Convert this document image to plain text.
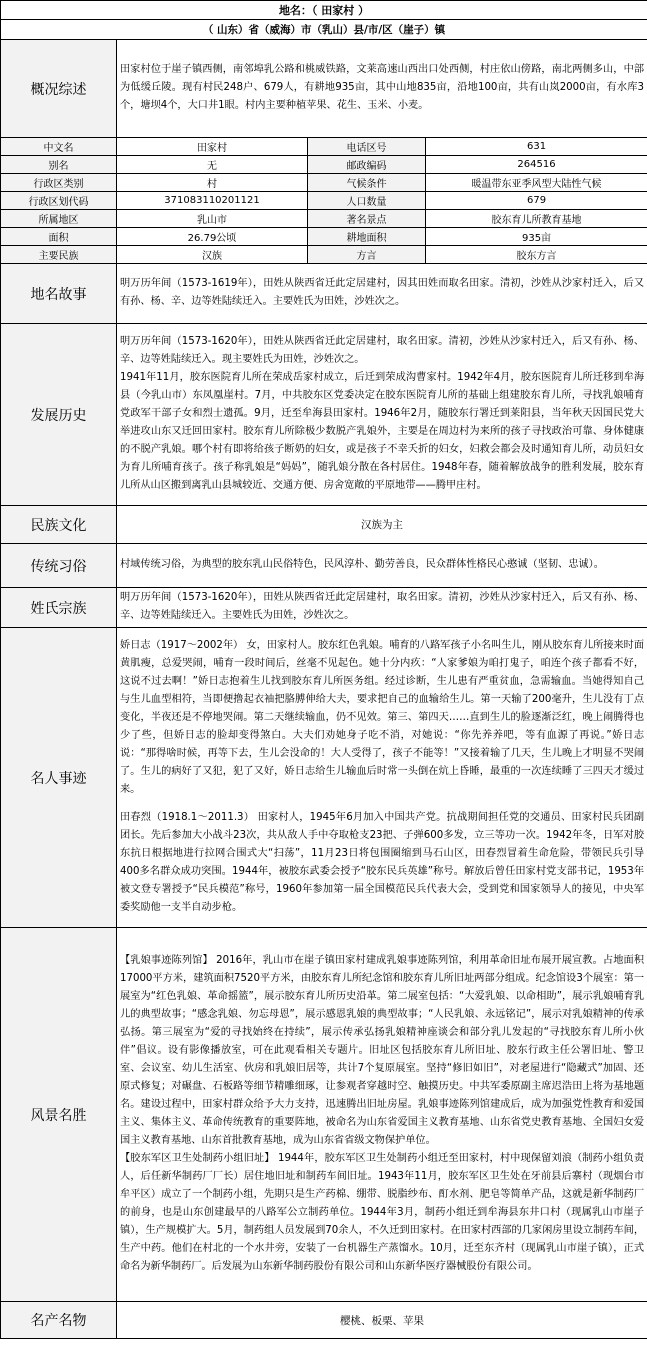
地名：（ 田家村 ）			
（ 山东）省（威海）市（乳山）县/市/区（崖子）镇			
概况综述	田家村位于崖子镇西侧，南邻埠乳公路和桃威铁路，文莱高速山西出口处西侧，村庄依山傍路，南北两侧多山，中部为低缓丘陵。现有村民248户、679人，有耕地935亩，其中山地835亩，沿地100亩，共有山岚2000亩，有水库3个，塘坝4个，大口井1眼。村内主要种植苹果、花生、玉米、小麦。		
中文名	田家村	电话区号	631
别名	无	邮政编码	264516
行政区类别	村	气候条件	暖温带东亚季风型大陆性气候
行政区划代码	371083110201121	人口数量	679
所属地区	乳山市	著名景点	胶东育儿所教育基地
面积	26.79公顷	耕地面积	935亩
主要民族	汉族	方言	胶东方言
地名故事	明万历年间（1573-1619年），田姓从陕西省迁此定居建村，因其田姓而取名田家。清初，沙姓从沙家村迁入，后又有孙、杨、辛、边等姓陆续迁入。主要姓氏为田姓，沙姓次之。		
发展历史	明万历年间（1573-1620年），田姓从陕西省迁此定居建村，取名田家。清初，沙姓从沙家村迁入，后又有孙、杨、辛、边等姓陆续迁入。现主要姓氏为田姓，沙姓次之。

1941年11月，胶东医院育儿所在荣成岳家村成立，后迁到荣成沟曹家村。1942年4月，胶东医院育儿所迁移到牟海县（今乳山市）东凤凰崖村。7月，中共胶东区党委决定在胶东医院育儿所的基础上组建胶东育儿所，寻找乳娘哺育党政军干部子女和烈士遗孤。9月，迁至牟海县田家村。1946年2月，随胶东行署迁到莱阳县，当年秋天因国民党大举进攻山东又迁回田家村。胶东育儿所除极少数脱产乳娘外，主要是在周边村为来所的孩子寻找政治可靠、身体健康的不脱产乳娘。哪个村有即将给孩子断奶的妇女，或是孩子不幸夭折的妇女，妇救会都会及时通知育儿所，动员妇女为育儿所哺育孩子。孩子称乳娘是“妈妈”，随乳娘分散在各村居住。1948年春，随着解放战争的胜利发展，胶东育儿所从山区搬到离乳山县城较近、交通方便、房舍宽敞的平原地带——腾甲庄村。		

民族文化	汉族为主		
传统习俗	村域传统习俗，为典型的胶东乳山民俗特色，民风淳朴、勤劳善良，民众群体性格民心憨诚（坚韧、忠诚）。		
姓氏宗族	明万历年间（1573-1620年），田姓从陕西省迁此定居建村，取名田家。清初，沙姓从沙家村迁入，后又有孙、杨、辛、边等姓陆续迁入。主要姓氏为田姓，沙姓次之。		
名人事迹	娇日志（1917～2002年） 女，田家村人。胶东红色乳娘。哺育的八路军孩子小名叫生儿，刚从胶东育儿所接来时面黄肌瘦，总爱哭闹，哺育一段时间后，丝毫不见起色。她十分内疚：“人家爹娘为咱打鬼子，咱连个孩子都看不好，这说不过去啊！”娇日志抱着生儿找到胶东育儿所医务组。经过诊断，生儿患有严重贫血，急需输血。当她得知自己与生儿血型相符，当即便撸起衣袖把胳膊伸给大夫，要求把自己的血输给生儿。第一天输了200毫升，生儿没有丁点变化，半夜还是不停地哭闹。第二天继续输血，仍不见效。第三、第四天……直到生儿的脸逐渐泛红，晚上闹腾得也少了些，但娇日志的脸却变得煞白。大夫们劝她身子吃不消，对她说：“你先养养吧，等有血源了再说。”娇日志说：“那得啥时候，再等下去，生儿会没命的！大人受得了，孩子不能等！”又接着输了几天，生儿晚上才明显不哭闹了。生儿的病好了又犯，犯了又好，娇日志给生儿输血后时常一头倒在炕上昏睡，最重的一次连续睡了三四天才缓过来。

田春烈（1918.1～2011.3） 田家村人，1945年6月加入中国共产党。抗战期间担任党的交通员、田家村民兵团副团长。先后参加大小战斗23次，共从敌人手中夺取枪支23把、子弹600多发，立三等功一次。1942年冬，日军对胶东抗日根据地进行拉网合围式大“扫荡”，11月23日将包围圈缩到马石山区，田春烈冒着生命危险，带领民兵引导400多名群众成功突围。1944年，被胶东武委会授予“胶东民兵英雄”称号。解放后曾任田家村党支部书记，1953年被文登专署授予“民兵模范”称号，1960年参加第一届全国模范民兵代表大会，受到党和国家领导人的接见，中央军委奖励他一支半自动步枪。		

风景名胜	【乳娘事迹陈列馆】 2016年，乳山市在崖子镇田家村建成乳娘事迹陈列馆，利用革命旧址布展开展宣教。占地面积17000平方米，建筑面积7520平方米，由胶东育儿所纪念馆和胶东育儿所旧址两部分组成。纪念馆设3个展室：第一展室为“红色乳娘、革命摇篮”，展示胶东育儿所历史沿革。第二展室包括：“大爱乳娘、以命相助”，展示乳娘哺育乳儿的典型故事；“感念乳娘、勿忘母恩”，展示感恩乳娘的典型故事；“人民乳娘、永远铭记”，展示对乳娘精神的传承弘扬。第三展室为“爱的寻找始终在持续”，展示传承弘扬乳娘精神座谈会和部分乳儿发起的“寻找胶东育儿所小伙伴”倡议。设有影像播放室，可在此观看相关专题片。旧址区包括胶东育儿所旧址、胶东行政主任公署旧址、警卫室、会议室、幼儿生活室、伙房和乳娘旧居等，共计7个复原展室。坚持“修旧如旧”，对老屋进行“隐藏式”加固、还原式修复；对碾盘、石板路等细节精雕细琢，让参观者穿越时空、触摸历史。中共军委原副主席迟浩田上将为基地题名。建设过程中，田家村群众给予大力支持，迅速腾出旧址房屋。乳娘事迹陈列馆建成后，成为加强党性教育和爱国主义、集体主义、革命传统教育的重要阵地，被命名为山东省爱国主义教育基地、山东省党史教育基地、全国妇女爱国主义教育基地、山东首批教育基地，成为山东省省级文物保护单位。

【胶东军区卫生处制药小组旧址】 1944年，胶东军区卫生处制药小组迁至田家村，村中现保留刘浪（制药小组负责人，后任新华制药厂厂长）居住地旧址和制药车间旧址。1943年11月，胶东军区卫生处在牙前县后寨村（现烟台市牟平区）成立了一个制药小组，先期只是生产药棉、绷带、脱脂纱布、酊水剂、肥皂等简单产品，这就是新华制药厂的前身，也是山东创建最早的八路军公立制药单位。1944年3月，制药小组迁到牟海县东井口村（现属乳山市崖子镇），生产规模扩大。5月，制药组人员发展到70余人，不久迁到田家村。在田家村西部的几家闲房里设立制药车间，生产中药。他们在村北的一个水井旁，安装了一台机器生产蒸馏水。10月，迁至东齐村（现属乳山市崖子镇），正式命名为新华制药厂。后发展为山东新华制药股份有限公司和山东新华医疗器械股份有限公司。		

名产名物	樱桃、板栗、苹果		
